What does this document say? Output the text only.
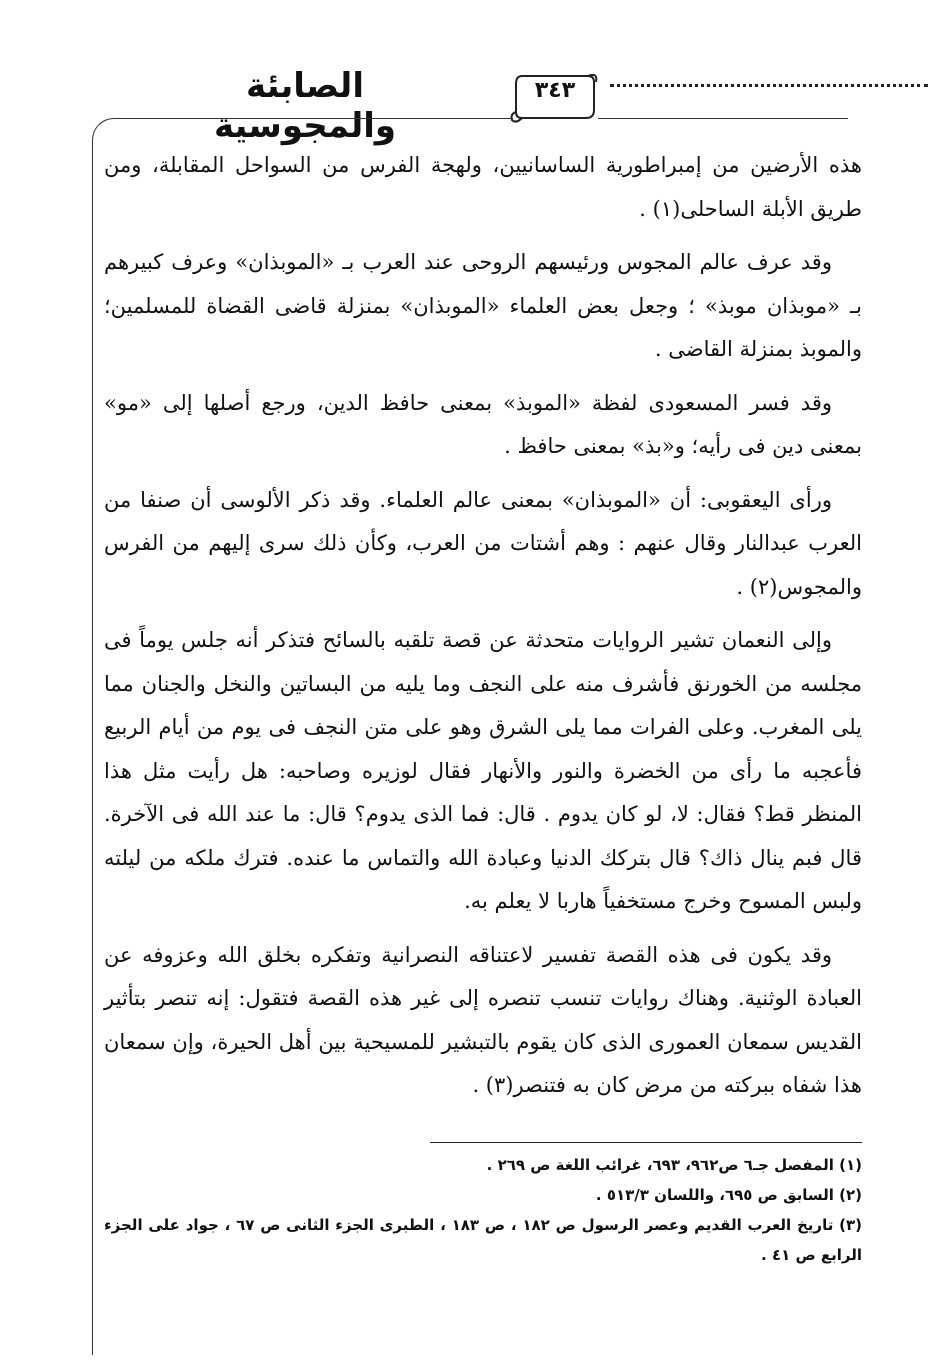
الصابئة والمجوسية
٣٤٣

هذه الأرضين من إمبراطورية الساسانيين، ولهجة الفرس من السواحل المقابلة، ومن طريق الأبلة الساحلى(١) .

وقد عرف عالم المجوس ورئيسهم الروحى عند العرب بـ «الموبذان» وعرف كبيرهم بـ «موبذان موبذ» ؛ وجعل بعض العلماء «الموبذان» بمنزلة قاضى القضاة للمسلمين؛ والموبذ بمنزلة القاضى .

وقد فسر المسعودى لفظة «الموبذ» بمعنى حافظ الدين، ورجع أصلها إلى «مو» بمعنى دين فى رأيه؛ و«بذ» بمعنى حافظ .

ورأى اليعقوبى: أن «الموبذان» بمعنى عالم العلماء. وقد ذكر الألوسى أن صنفا من العرب عبدالنار وقال عنهم : وهم أشتات من العرب، وكأن ذلك سرى إليهم من الفرس والمجوس(٢) .

وإلى النعمان تشير الروايات متحدثة عن قصة تلقبه بالسائح فتذكر أنه جلس يوماً فى مجلسه من الخورنق فأشرف منه على النجف وما يليه من البساتين والنخل والجنان مما يلى المغرب. وعلى الفرات مما يلى الشرق وهو على متن النجف فى يوم من أيام الربيع فأعجبه ما رأى من الخضرة والنور والأنهار فقال لوزيره وصاحبه: هل رأيت مثل هذا المنظر قط؟ فقال: لا، لو كان يدوم . قال: فما الذى يدوم؟ قال: ما عند الله فى الآخرة. قال فبم ينال ذاك؟ قال بتركك الدنيا وعبادة الله والتماس ما عنده. فترك ملكه من ليلته ولبس المسوح وخرج مستخفياً هاربا لا يعلم به.

وقد يكون فى هذه القصة تفسير لاعتناقه النصرانية وتفكره بخلق الله وعزوفه عن العبادة الوثنية. وهناك روايات تنسب تنصره إلى غير هذه القصة فتقول: إنه تنصر بتأثير القديس سمعان العمورى الذى كان يقوم بالتبشير للمسيحية بين أهل الحيرة، وإن سمعان هذا شفاه ببركته من مرض كان به فتنصر(٣) .

(١) المفصل جـ٦ ص٩٦٢، ٦٩٣، غرائب اللغة ص ٢٦٩ .

(٢) السابق ص ٦٩٥، واللسان ٥١٣/٣ .

(٣) تاريخ العرب القديم وعصر الرسول ص ١٨٢ ، ص ١٨٣ ، الطبرى الجزء الثانى ص ٦٧ ، جواد على الجزء الرابع ص ٤١ .
